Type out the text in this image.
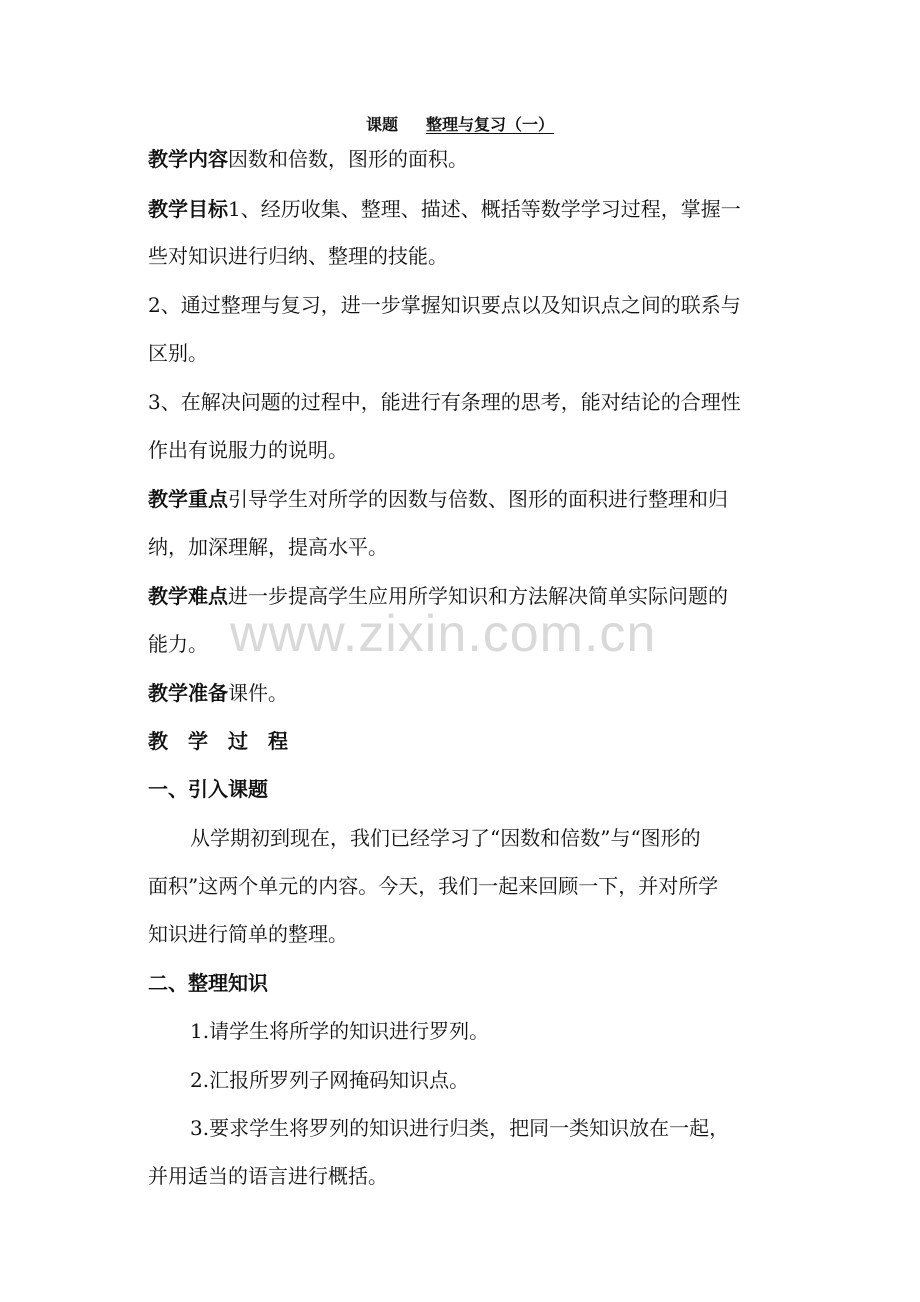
课题 整理与复习（一）
教学内容因数和倍数，图形的面积。
教学目标1、经历收集、整理、描述、概括等数学学习过程，掌握一
些对知识进行归纳、整理的技能。
2、通过整理与复习，进一步掌握知识要点以及知识点之间的联系与
区别。
3、在解决问题的过程中，能进行有条理的思考，能对结论的合理性
作出有说服力的说明。
教学重点引导学生对所学的因数与倍数、图形的面积进行整理和归
纳，加深理解，提高水平。
教学难点进一步提高学生应用所学知识和方法解决简单实际问题的
能力。
教学准备课件。
教学过程
一、引入课题
从学期初到现在，我们已经学习了“因数和倍数”与“图形的
面积”这两个单元的内容。今天，我们一起来回顾一下，并对所学
知识进行简单的整理。
二、整理知识
1.请学生将所学的知识进行罗列。
2.汇报所罗列子网掩码知识点。
3.要求学生将罗列的知识进行归类，把同一类知识放在一起，
并用适当的语言进行概括。
www.zixin.com.cn
